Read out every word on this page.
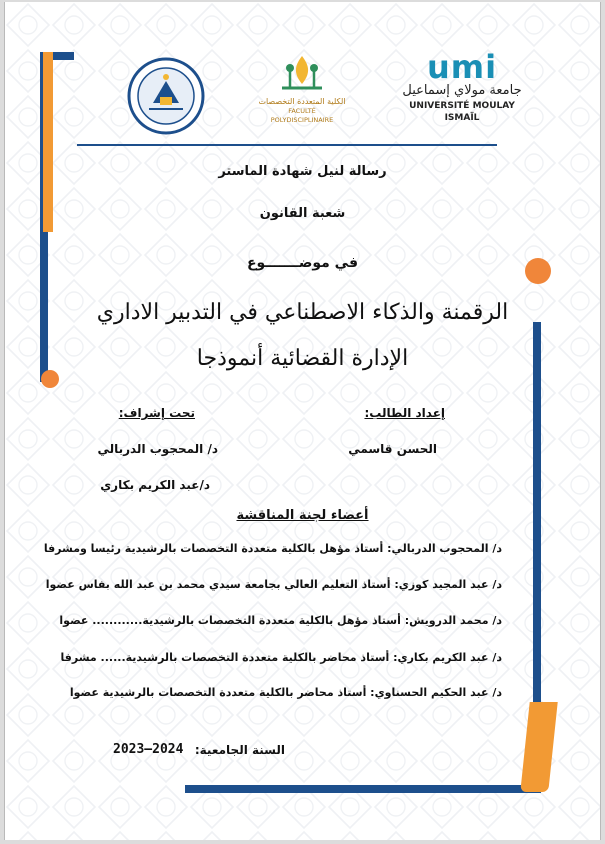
الكلية المتعددة التخصصات
FACULTÉ POLYDISCIPLINAIRE
umi
جامعة مولاي إسماعيل
UNIVERSITÉ MOULAY ISMAÏL
رسالة لنيل شهادة الماستر
شعبة القانون
في موضـــــــوع
الرقمنة والذكاء الاصطناعي في التدبير الاداري
الإدارة القضائية أنموذجا
إعداد الطالب:
الحسن قاسمي
تحت إشراف:
د/ المحجوب الدربالي
د/عبد الكريم بكاري
أعضاء لجنة المناقشة
د/ المحجوب الدربالي: أستاذ مؤهل بالكلية متعددة التخصصات بالرشيدية رئيسا ومشرفا
د/ عبد المجيد كوزي: أستاذ التعليم العالي بجامعة سيدي محمد بن عبد الله بفاس عضوا
د/ محمد الدرويش: أستاذ مؤهل بالكلية متعددة التخصصات بالرشيدية............ عضوا
د/ عبد الكريم بكاري: أستاذ محاضر بالكلية متعددة التخصصات بالرشيدية...... مشرفا
د/ عبد الحكيم الحسناوي: أستاذ محاضر بالكلية متعددة التخصصات بالرشيدية عضوا
السنة الجامعية:
2023–2024
